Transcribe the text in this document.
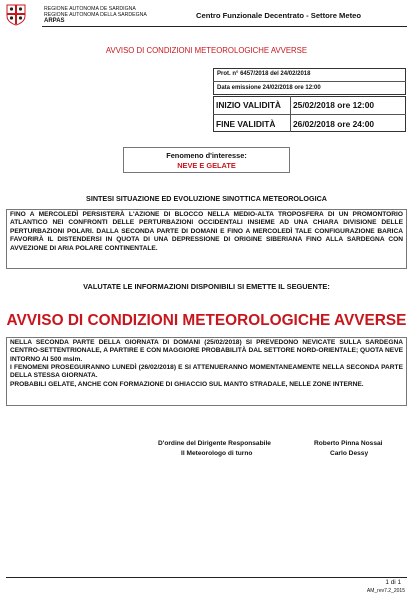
REGIONE AUTONOMA DE SARDIGNA
REGIONE AUTONOMA DELLA SARDEGNA
ARPAS
Centro Funzionale Decentrato - Settore Meteo
AVVISO DI CONDIZIONI METEOROLOGICHE AVVERSE
Prot. n° 6457/2018 del 24/02/2018
Data emissione 24/02/2018 ore 12:00
INIZIO VALIDITÀ 25/02/2018 ore 12:00
FINE VALIDITÀ 26/02/2018 ore 24:00
Fenomeno d'interesse:
NEVE E GELATE
SINTESI SITUAZIONE ED EVOLUZIONE SINOTTICA METEOROLOGICA
FINO A MERCOLEDÌ PERSISTERÀ L'AZIONE DI BLOCCO NELLA MEDIO-ALTA TROPOSFERA DI UN PROMONTORIO ATLANTICO NEI CONFRONTI DELLE PERTURBAZIONI OCCIDENTALI INSIEME AD UNA CHIARA DIVISIONE DELLE PERTURBAZIONI POLARI. DALLA SECONDA PARTE DI DOMANI E FINO A MERCOLEDÌ TALE CONFIGURAZIONE BARICA FAVORIRÀ IL DISTENDERSI IN QUOTA DI UNA DEPRESSIONE DI ORIGINE SIBERIANA FINO ALLA SARDEGNA CON AVVEZIONE DI ARIA POLARE CONTINENTALE.
VALUTATE LE INFORMAZIONI DISPONIBILI SI EMETTE IL SEGUENTE:
AVVISO DI CONDIZIONI METEOROLOGICHE AVVERSE
NELLA SECONDA PARTE DELLA GIORNATA DI DOMANI (25/02/2018) SI PREVEDONO NEVICATE SULLA SARDEGNA CENTRO-SETTENTRIONALE, A PARTIRE E CON MAGGIORE PROBABILITÀ DAL SETTORE NORD-ORIENTALE; QUOTA NEVE INTORNO AI 500 mslm.
I FENOMENI PROSEGUIRANNO LUNEDÌ (26/02/2018) E SI ATTENUERANNO MOMENTANEAMENTE NELLA SECONDA PARTE DELLA STESSA GIORNATA.
PROBABILI GELATE, ANCHE CON FORMAZIONE DI GHIACCIO SUL MANTO STRADALE, NELLE ZONE INTERNE.
D'ordine del Dirigente Responsabile
Il Meteorologo di turno
Roberto Pinna Nossai
Carlo Dessy
1 di 1
AM_rev7.2_2015
